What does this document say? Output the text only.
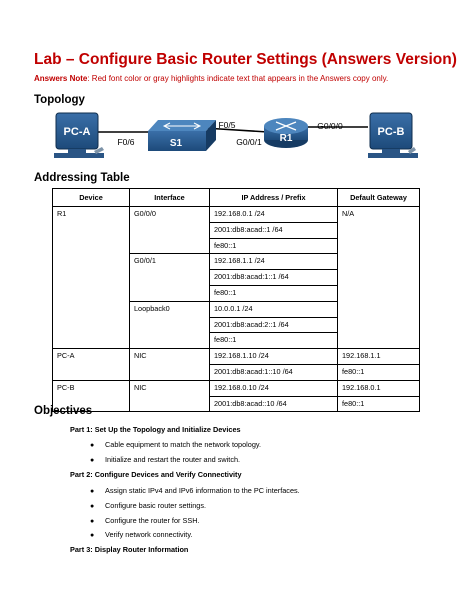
Lab – Configure Basic Router Settings (Answers Version)
Answers Note: Red font color or gray highlights indicate text that appears in the Answers copy only.
Topology
PC-A
S1	R1
PC-B
F0/6
F0/5
G0/0/1
G0/0/0
Addressing Table
Device	Interface	IP Address / Prefix	Default Gateway
R1	G0/0/0	192.168.0.1 /24	N/A
		2001:db8:acad::1 /64	
		fe80::1	
	G0/0/1	192.168.1.1 /24	
		2001:db8:acad:1::1 /64	
		fe80::1	
	Loopback0	10.0.0.1 /24	
		2001:db8:acad:2::1 /64	
		fe80::1	
PC-A	NIC	192.168.1.10 /24	192.168.1.1
		2001:db8:acad:1::10 /64	fe80::1
PC-B	NIC	192.168.0.10 /24	192.168.0.1
		2001:db8:acad::10 /64	fe80::1
Objectives
Part 1: Set Up the Topology and Initialize Devices
● Cable equipment to match the network topology.
● Initialize and restart the router and switch.
Part 2: Configure Devices and Verify Connectivity
● Assign static IPv4 and IPv6 information to the PC interfaces.
● Configure basic router settings.
● Configure the router for SSH.
● Verify network connectivity.
Part 3: Display Router Information
